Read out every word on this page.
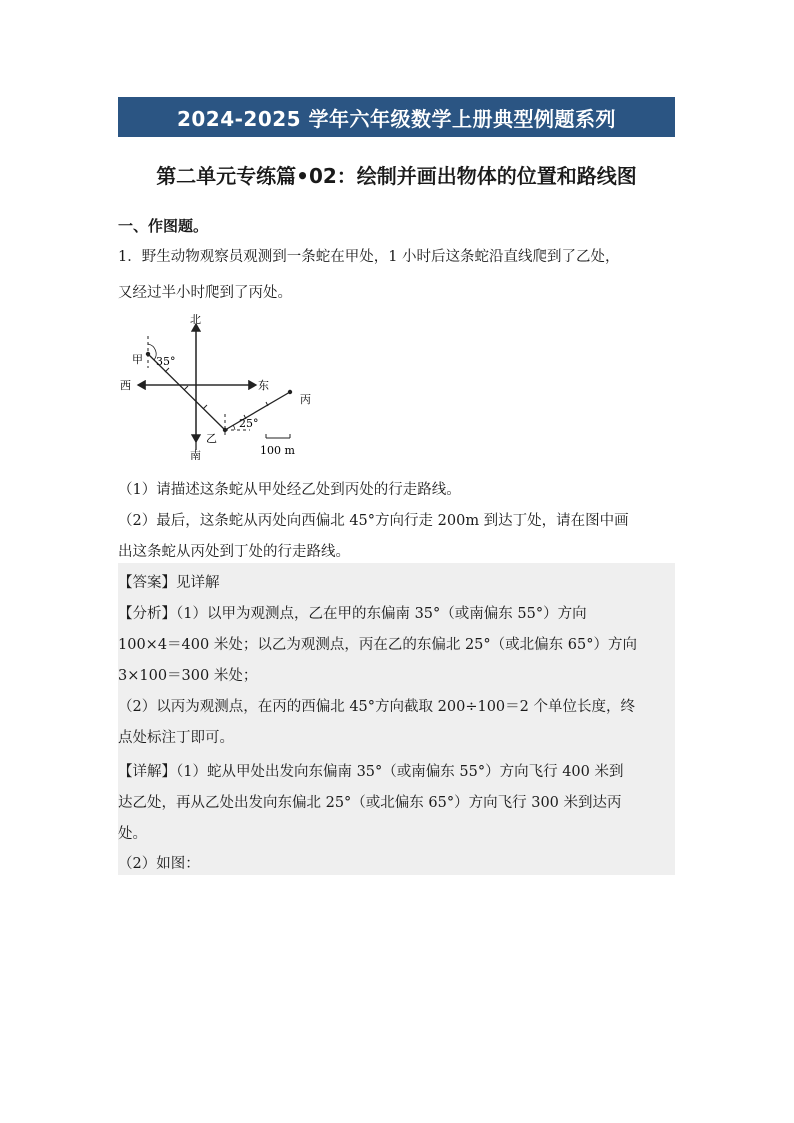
2024-2025 学年六年级数学上册典型例题系列
第二单元专练篇•02：绘制并画出物体的位置和路线图
一、作图题。
1．野生动物观察员观测到一条蛇在甲处，1 小时后这条蛇沿直线爬到了乙处，
又经过半小时爬到了丙处。
北
南
东
西
甲
乙
丙
35°
25°
100 m
（1）请描述这条蛇从甲处经乙处到丙处的行走路线。
（2）最后，这条蛇从丙处向西偏北 45°方向行走 200m 到达丁处，请在图中画
出这条蛇从丙处到丁处的行走路线。
【答案】见详解
【分析】（1）以甲为观测点，乙在甲的东偏南 35°（或南偏东 55°）方向
100×4＝400 米处；以乙为观测点，丙在乙的东偏北 25°（或北偏东 65°）方向
3×100＝300 米处；
（2）以丙为观测点，在丙的西偏北 45°方向截取 200÷100＝2 个单位长度，终
点处标注丁即可。
【详解】（1）蛇从甲处出发向东偏南 35°（或南偏东 55°）方向飞行 400 米到
达乙处，再从乙处出发向东偏北 25°（或北偏东 65°）方向飞行 300 米到达丙
处。
（2）如图：
